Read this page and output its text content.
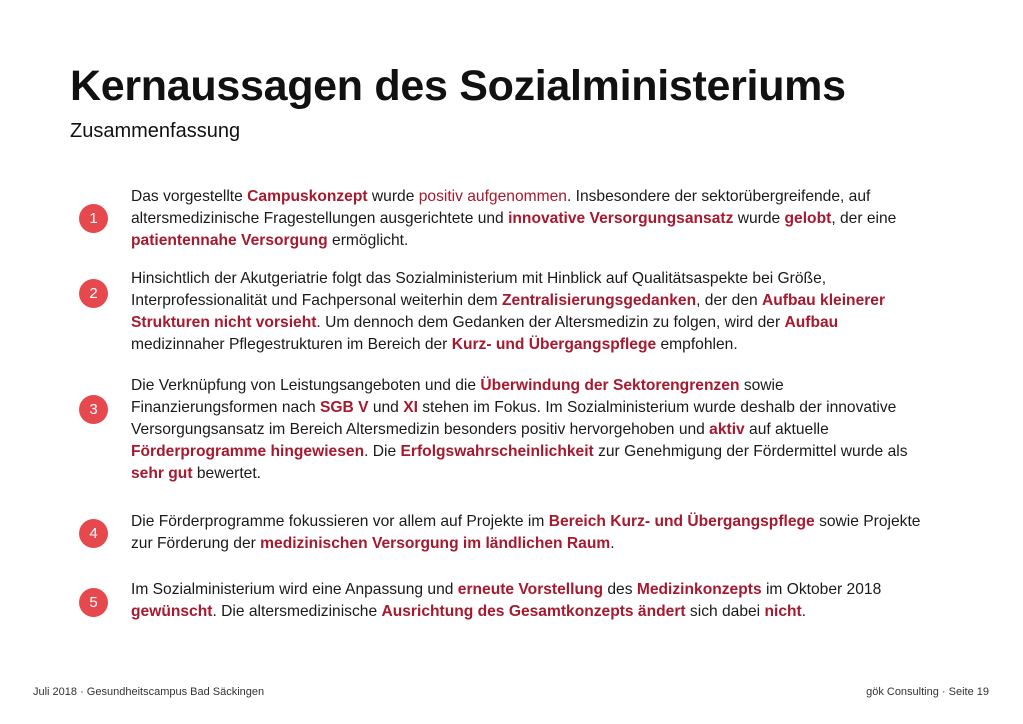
Kernaussagen des Sozialministeriums
Zusammenfassung
1
Das vorgestellte Campuskonzept wurde positiv aufgenommen. Insbesondere der sektorübergreifende, auf altersmedizinische Fragestellungen ausgerichtete und innovative Versorgungsansatz wurde gelobt, der eine patientennahe Versorgung ermöglicht.
2
Hinsichtlich der Akutgeriatrie folgt das Sozialministerium mit Hinblick auf Qualitätsaspekte bei Größe, Interprofessionalität und Fachpersonal weiterhin dem Zentralisierungsgedanken, der den Aufbau kleinerer Strukturen nicht vorsieht. Um dennoch dem Gedanken der Altersmedizin zu folgen, wird der Aufbau medizinnaher Pflegestrukturen im Bereich der Kurz- und Übergangspflege empfohlen.
3
Die Verknüpfung von Leistungsangeboten und die Überwindung der Sektorengrenzen sowie Finanzierungsformen nach SGB V und XI stehen im Fokus. Im Sozialministerium wurde deshalb der innovative Versorgungsansatz im Bereich Altersmedizin besonders positiv hervorgehoben und aktiv auf aktuelle Förderprogramme hingewiesen. Die Erfolgswahrscheinlichkeit zur Genehmigung der Fördermittel wurde als sehr gut bewertet.
4
Die Förderprogramme fokussieren vor allem auf Projekte im Bereich Kurz- und Übergangspflege sowie Projekte zur Förderung der medizinischen Versorgung im ländlichen Raum.
5
Im Sozialministerium wird eine Anpassung und erneute Vorstellung des Medizinkonzepts im Oktober 2018 gewünscht. Die altersmedizinische Ausrichtung des Gesamtkonzepts ändert sich dabei nicht.
Juli 2018 · Gesundheitscampus Bad Säckingen	gök Consulting · Seite 19
